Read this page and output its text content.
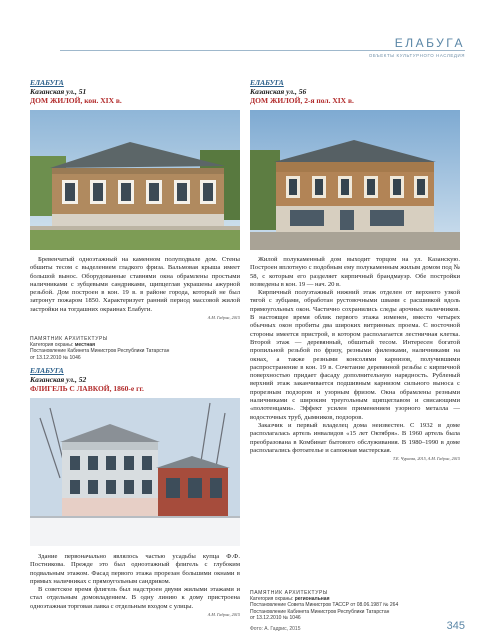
ЕЛАБУГА
ОБЪЕКТЫ КУЛЬТУРНОГО НАСЛЕДИЯ
ЕЛАБУГА
Казанская ул., 51
ДОМ ЖИЛОЙ, кон. XIX в.

Бревенчатый одноэтажный на каменном полуподвале дом. Стены обшиты тесом с выделением гладкого фриза. Вальмовая крыша имеет большой вынос. Оборудованные ставнями окна обрамлены простыми наличниками с зубцевыми сандриками, щипцеглав украшены ажурной резьбой. Дом построен в кон. 19 в. в районе города, который не был затронут пожаром 1850. Характеризует ранний период массовой жилой застройки на тогдашних окраинах Елабуги.

А.М. Гадрис, 2015
ПАМЯТНИК АРХИТЕКТУРЫ
Категория охраны: местная
Постановление Кабинета Министров Республики Татарстан
от 13.12.2010 № 1046
ЕЛАБУГА
Казанская ул., 52
ФЛИГЕЛЬ С ЛАВКОЙ, 1860-е гг.

Здание первоначально являлось частью усадьбы купца Ф.Ф. Постникова. Прежде это был одноэтажный флигель с глубоким подвальным этажом. Фасад первого этажа прорезан большими окнами в прямых наличниках с прямоугольным сандриком.

В советское время флигель был надстроен двумя жилыми этажами и стал отдельным домовладением. В одну линию к дому пристроена одноэтажная торговая лавка с отдельным входом с улицы.

А.М. Гадрис, 2015
ЕЛАБУГА
Казанская ул., 56
ДОМ ЖИЛОЙ, 2-я пол. XIX в.

Жилой полукаменный дом выходит торцом на ул. Казанскую. Построен вплотную с подобным ему полукаменным жилым домом под № 58, с которым его разделяет кирпичный брандмауэр. Обе постройки возведены в кон. 19 — нач. 20 в.

Кирпичный полуэтажный нижний этаж отделен от верхнего узкой тягой с зубцами, обработан рустовочными швами с расшивкой вдоль прямоугольных окон. Частично сохранились следы арочных наличников. В настоящее время облик первого этажа изменен, вместо четырех обычных окон пробиты два широких витринных проема. С восточной стороны имеется пристрой, в котором располагается лестничная клетка. Второй этаж — деревянный, обшитый тесом. Интересен богатой пропильной резьбой по фризу, резными филенками, наличниками на окнах, а также резными консолями карнизов, получившими распространение в кон. 19 в. Сочетание деревянной резьбы с кирпичной поверхностью придает фасаду дополнительную нарядность. Рубленый верхний этаж заканчивается подшивным карнизом сильного выноса с прорезным подзором и узорным фризом. Окна обрамлены резными наличниками с широким треугольным щипцеглавом и свисающими «полотенцами». Эффект усилен применением узорного металла — водосточных труб, дымников, подзоров.

Заказчик и первый владелец дома неизвестен. С 1932 в доме располагалась артель инвалидов «15 лет Октября». В 1960 артель была преобразована в Комбинат бытового обслуживания. В 1980–1990 в доме располагались фотоателье и сапожная мастерская.

Т.Е. Чураева, 2015, А.М. Гадрис, 2015
ПАМЯТНИК АРХИТЕКТУРЫ
Категория охраны: региональная
Постановление Совета Министров ТАССР от 08.06.1987 № 264
Постановление Кабинета Министров Республики Татарстан
от 13.12.2010 № 1046
Фото: А. Гадрис, 2015	345
